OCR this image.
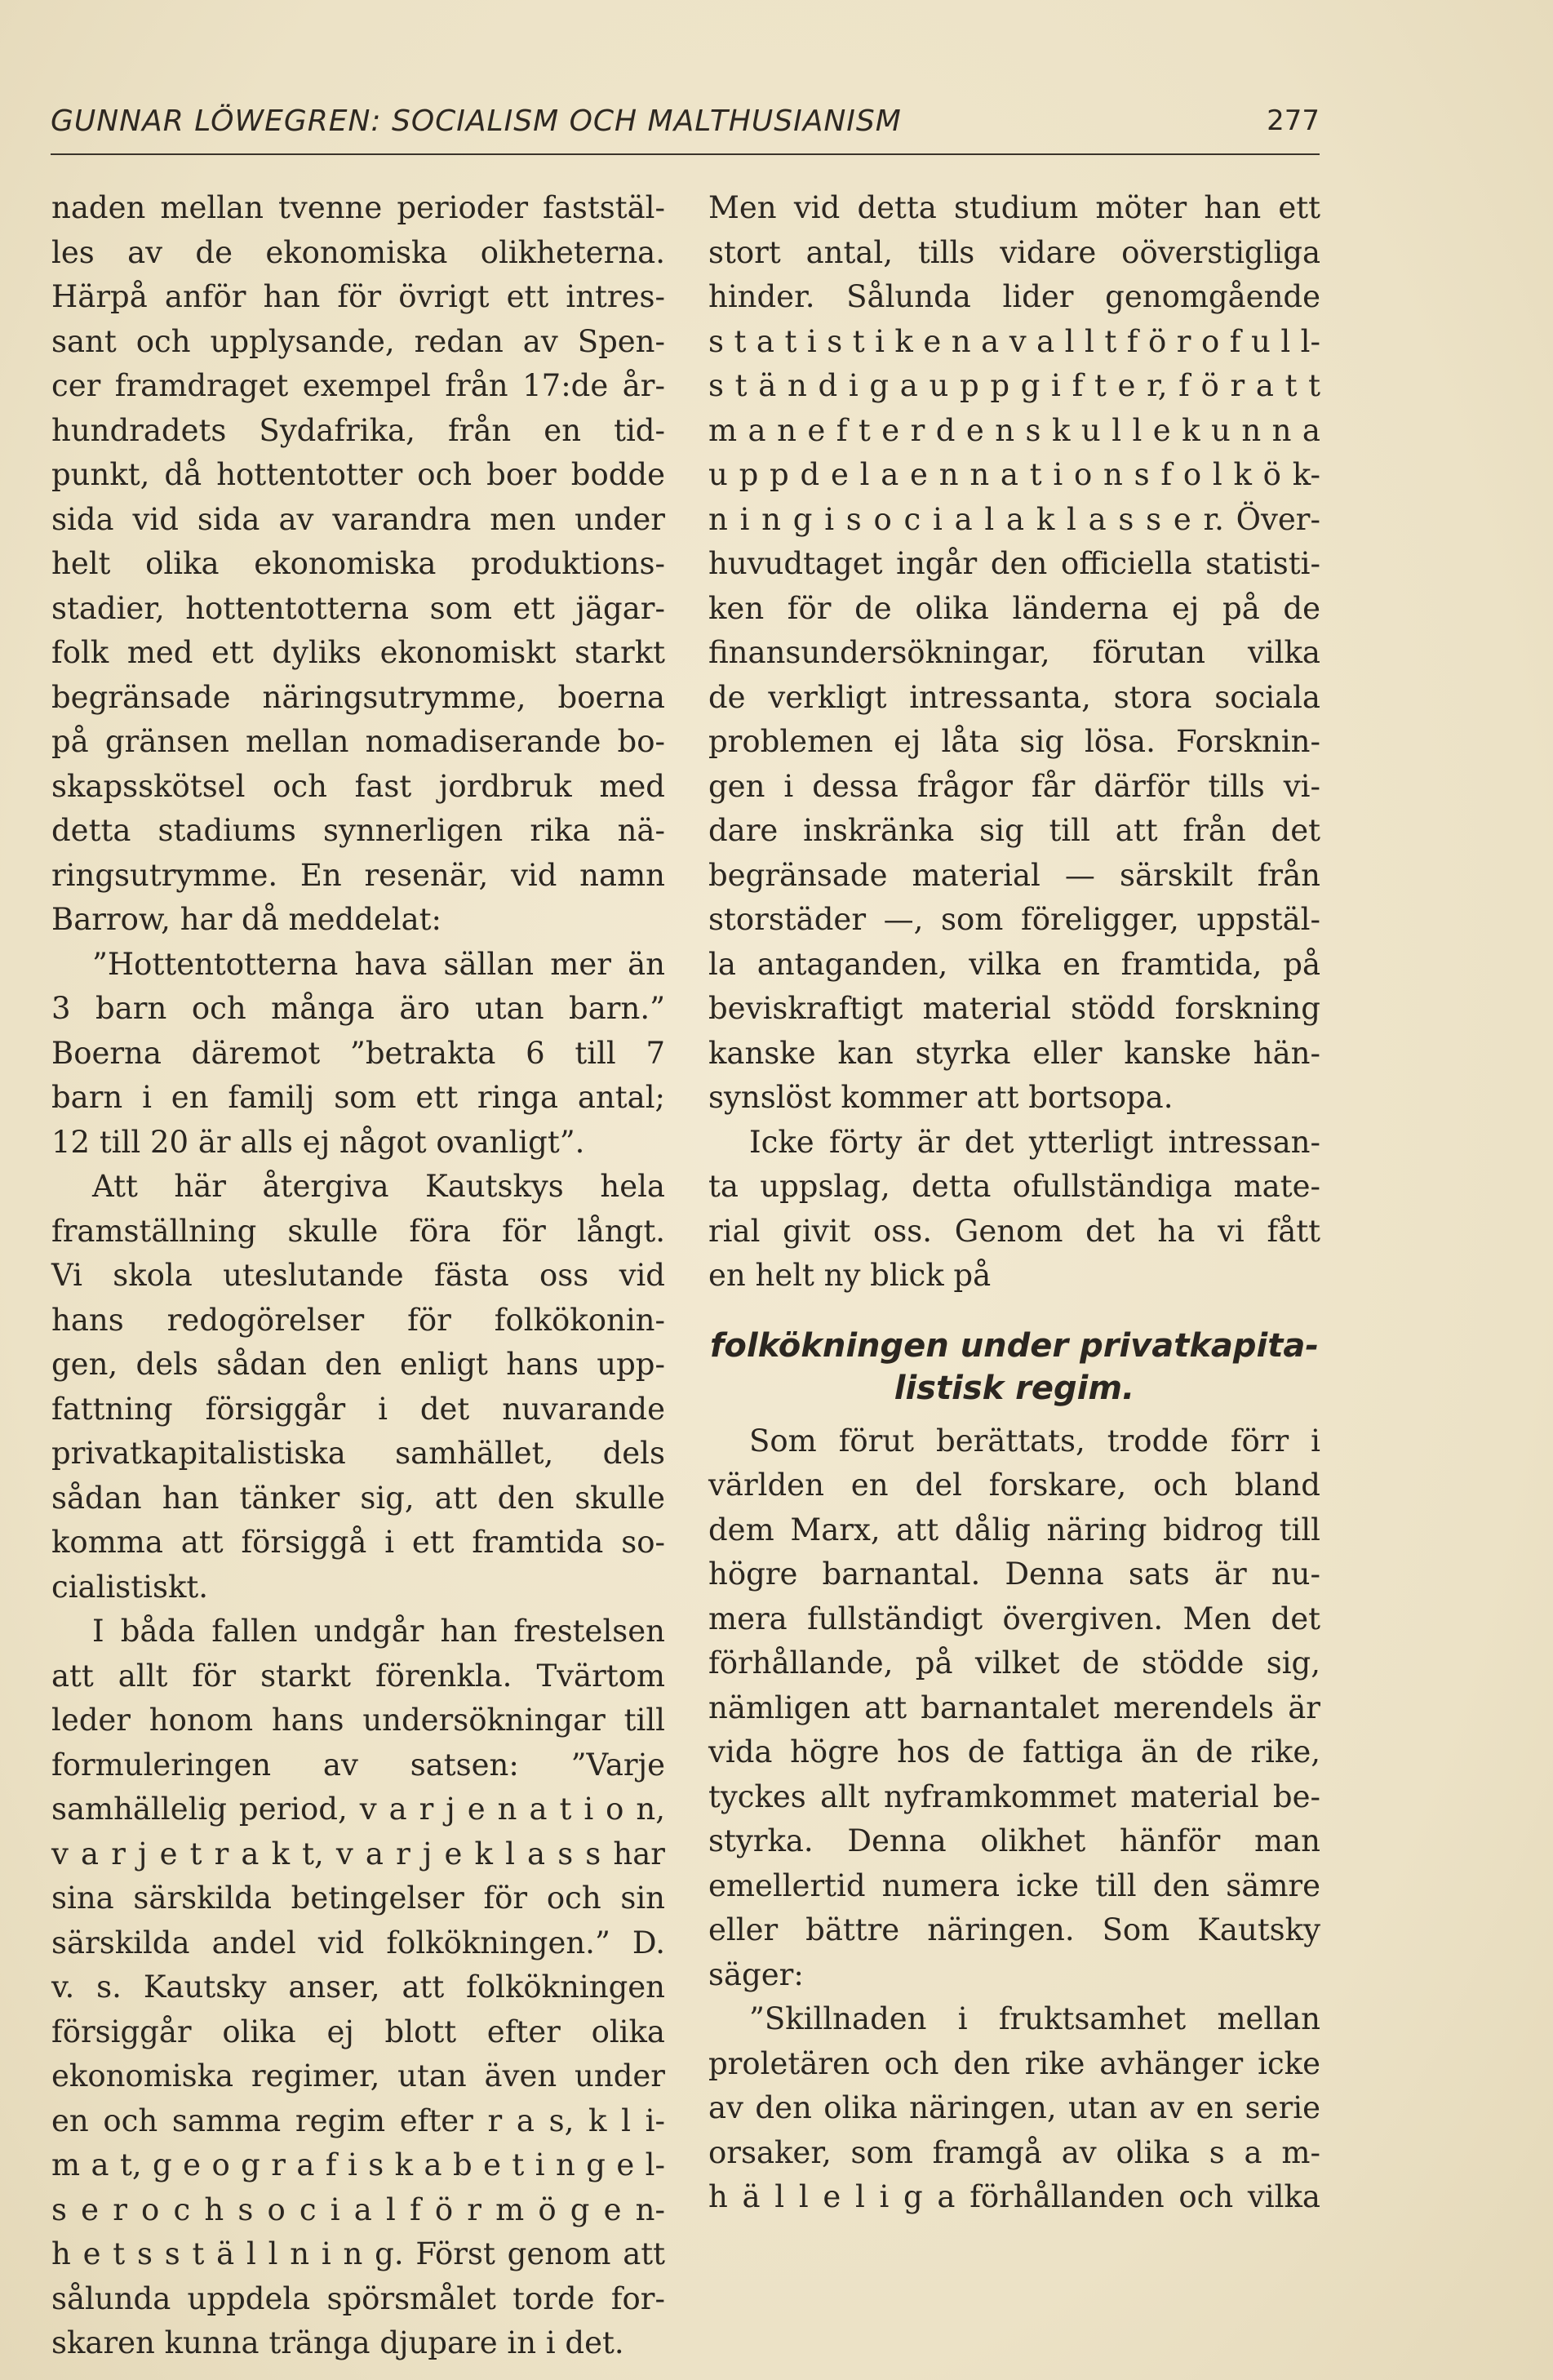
GUNNAR LÖWEGREN: SOCIALISM OCH MALTHUSIANISM	277
naden mellan tvenne perioder faststäl-
les av de ekonomiska olikheterna.
Härpå anför han för övrigt ett intres-
sant och upplysande, redan av Spen-
cer framdraget exempel från 17:de år-
hundradets Sydafrika, från en tid-
punkt, då hottentotter och boer bodde
sida vid sida av varandra men under
helt olika ekonomiska produktions-
stadier, hottentotterna som ett jägar-
folk med ett dyliks ekonomiskt starkt
begränsade näringsutrymme, boerna
på gränsen mellan nomadiserande bo-
skapsskötsel och fast jordbruk med
detta stadiums synnerligen rika nä-
ringsutrymme. En resenär, vid namn
Barrow, har då meddelat:
”Hottentotterna hava sällan mer än
3 barn och många äro utan barn.”
Boerna däremot ”betrakta 6 till 7
barn i en familj som ett ringa antal;
12 till 20 är alls ej något ovanligt”.
Att här återgiva Kautskys hela
framställning skulle föra för långt.
Vi skola uteslutande fästa oss vid
hans redogörelser för folkökonin-
gen, dels sådan den enligt hans upp-
fattning försiggår i det nuvarande
privatkapitalistiska samhället, dels
sådan han tänker sig, att den skulle
komma att försiggå i ett framtida so-
cialistiskt.
I båda fallen undgår han frestelsen
att allt för starkt förenkla. Tvärtom
leder honom hans undersökningar till
formuleringen av satsen: ”Varje
samhällelig period, v a r j e n a t i o n,
v a r j e t r a k t, v a r j e k l a s s har
sina särskilda betingelser för och sin
särskilda andel vid folkökningen.” D.
v. s. Kautsky anser, att folkökningen
försiggår olika ej blott efter olika
ekonomiska regimer, utan även under
en och samma regim efter r a s, k l i-
m a t, g e o g r a f i s k a b e t i n g e l-
s e r o c h s o c i a l f ö r m ö g e n-
h e t s s t ä l l n i n g. Först genom att
sålunda uppdela spörsmålet torde for-
skaren kunna tränga djupare in i det.
Men vid detta studium möter han ett
stort antal, tills vidare oöverstigliga
hinder. Sålunda lider genomgående
s t a t i s t i k e n a v a l l t f ö r o f u l l-
s t ä n d i g a u p p g i f t e r, f ö r a t t
m a n e f t e r d e n s k u l l e k u n n a
u p p d e l a e n n a t i o n s f o l k ö k-
n i n g i s o c i a l a k l a s s e r. Över-
huvudtaget ingår den officiella statisti-
ken för de olika länderna ej på de
finansundersökningar, förutan vilka
de verkligt intressanta, stora sociala
problemen ej låta sig lösa. Forsknin-
gen i dessa frågor får därför tills vi-
dare inskränka sig till att från det
begränsade material — särskilt från
storstäder —, som föreligger, uppstäl-
la antaganden, vilka en framtida, på
beviskraftigt material stödd forskning
kanske kan styrka eller kanske hän-
synslöst kommer att bortsopa.
Icke förty är det ytterligt intressan-
ta uppslag, detta ofullständiga mate-
rial givit oss. Genom det ha vi fått
en helt ny blick på
folkökningen under privatkapita-
listisk regim.
Som förut berättats, trodde förr i
världen en del forskare, och bland
dem Marx, att dålig näring bidrog till
högre barnantal. Denna sats är nu-
mera fullständigt övergiven. Men det
förhållande, på vilket de stödde sig,
nämligen att barnantalet merendels är
vida högre hos de fattiga än de rike,
tyckes allt nyframkommet material be-
styrka. Denna olikhet hänför man
emellertid numera icke till den sämre
eller bättre näringen. Som Kautsky
säger:
”Skillnaden i fruktsamhet mellan
proletären och den rike avhänger icke
av den olika näringen, utan av en serie
orsaker, som framgå av olika s a m-
h ä l l e l i g a förhållanden och vilka
